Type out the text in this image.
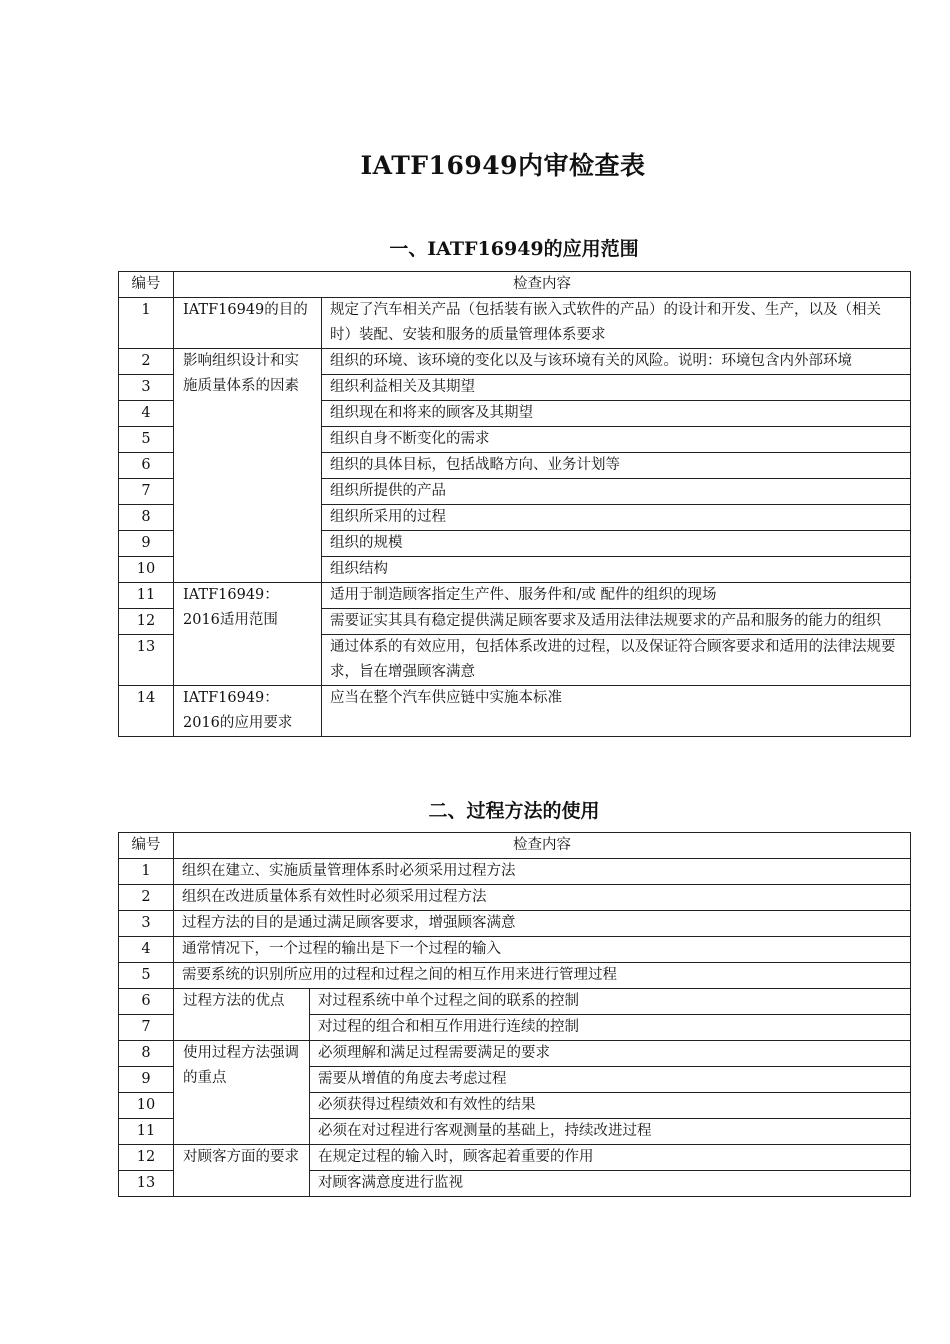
IATF16949内审检查表
一、IATF16949的应用范围
编号	检查内容	
1	IATF16949的目的	规定了汽车相关产品（包括装有嵌入式软件的产品）的设计和开发、生产，以及（相关时）装配、安装和服务的质量管理体系要求
2	影响组织设计和实施质量体系的因素	组织的环境、该环境的变化以及与该环境有关的风险。说明：环境包含内外部环境
3		组织利益相关及其期望
4		组织现在和将来的顾客及其期望
5		组织自身不断变化的需求
6		组织的具体目标，包括战略方向、业务计划等
7		组织所提供的产品
8		组织所采用的过程
9		组织的规模
10		组织结构
11	IATF16949：2016适用范围	适用于制造顾客指定生产件、服务件和/或 配件的组织的现场
12		需要证实其具有稳定提供满足顾客要求及适用法律法规要求的产品和服务的能力的组织
13		通过体系的有效应用，包括体系改进的过程，以及保证符合顾客要求和适用的法律法规要求，旨在增强顾客满意
14	IATF16949：2016的应用要求	应当在整个汽车供应链中实施本标准
二、过程方法的使用
编号	检查内容	
1	组织在建立、实施质量管理体系时必须采用过程方法	
2	组织在改进质量体系有效性时必须采用过程方法	
3	过程方法的目的是通过满足顾客要求，增强顾客满意	
4	通常情况下，一个过程的输出是下一个过程的输入	
5	需要系统的识别所应用的过程和过程之间的相互作用来进行管理过程	
6	过程方法的优点	对过程系统中单个过程之间的联系的控制
7		对过程的组合和相互作用进行连续的控制
8	使用过程方法强调的重点	必须理解和满足过程需要满足的要求
9		需要从增值的角度去考虑过程
10		必须获得过程绩效和有效性的结果
11		必须在对过程进行客观测量的基础上，持续改进过程
12	对顾客方面的要求	在规定过程的输入时，顾客起着重要的作用
13		对顾客满意度进行监视
